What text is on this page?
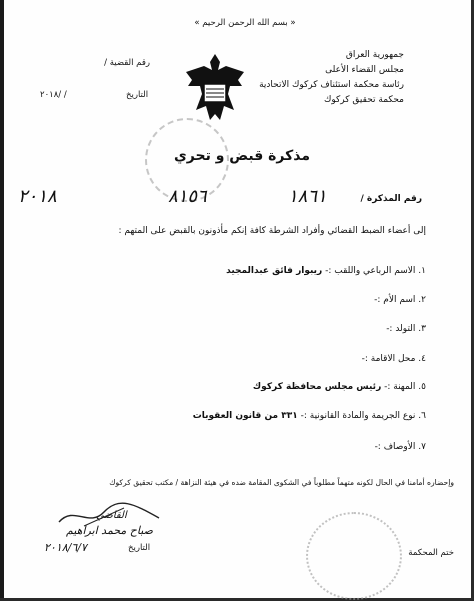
« بسم الله الرحمن الرحيم »
رقم القضية /
التاريخ
/ /٢٠١٨
جمهورية العراق
مجلس القضاء الأعلى
رئاسة محكمة استئناف كركوك الاتحادية
محكمة تحقيق كركوك
مذكرة قبض و تحري
رقم المذكرة /
١٨٦١
٨١٥٦
٢٠١٨
إلى أعضاء الضبط القضائي وأفراد الشرطة كافة إنكم مأذونون بالقبض على المتهم :
١. الاسم الرباعي واللقب :- ريبوار فائق عبدالمجيد
٢. اسم الأم :-
٣. التولد :-
٤. محل الاقامة :-
٥. المهنة :- رئيس مجلس محافظة كركوك
٦. نوع الجريمة والمادة القانونية :- ٣٣١ من قانون العقوبات
٧. الأوصاف :-
وإحضاره أمامنا في الحال لكونه متهماً مطلوباً في الشكوى المقامة ضده في هيئة النزاهة / مكتب تحقيق كركوك
القاضي
صباح محمد ابراهيم
التاريخ
٢٠١٨/٦/٧	ختم المحكمة
